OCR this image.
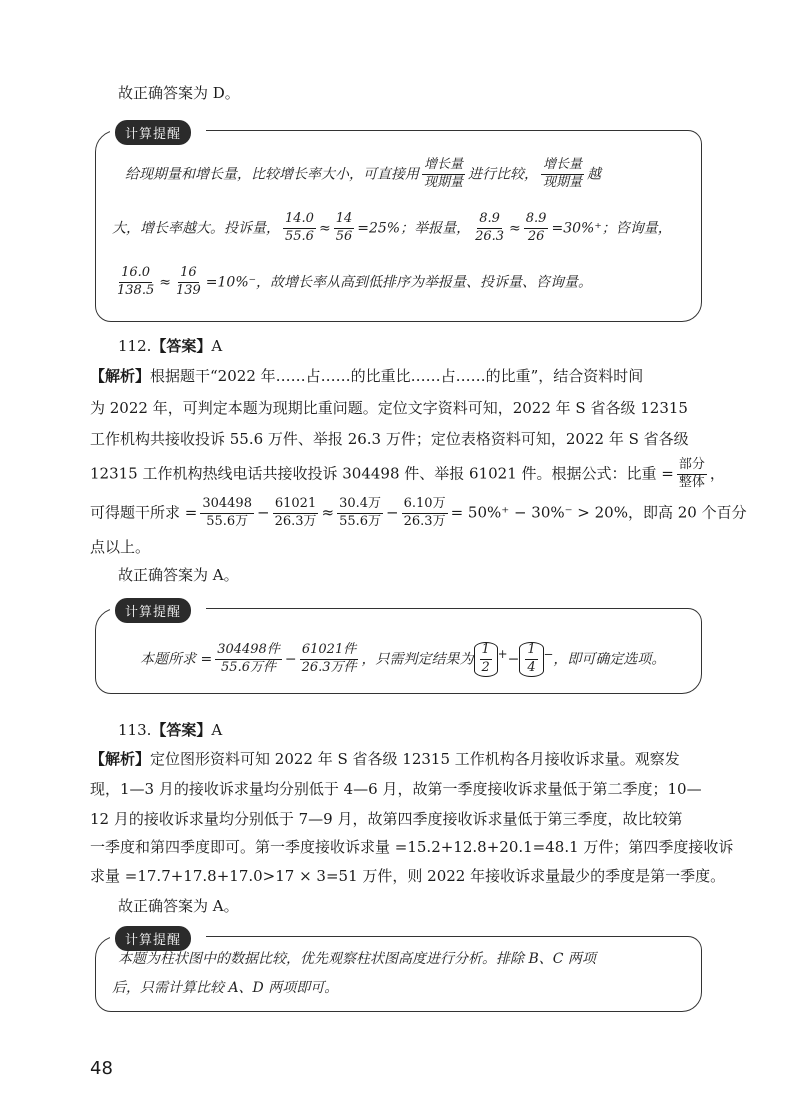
故正确答案为 D。
计算提醒
给现期量和增长量，比较增长率大小，可直接用 $\frac{\text{增长量}}{\text{现期量}}$ 进行比较， $\frac{\text{增长量}}{\text{现期量}}$ 越
大，增长率越大。投诉量， $\frac{14.0}{55.6} \approx \frac{14}{56} =25\%$；举报量， $\frac{8.9}{26.3} \approx \frac{8.9}{26} =30\%^+$；咨询量，
$\frac{16.0}{138.5} \approx \frac{16}{139} =10\%^-$，故增长率从高到低排序为举报量、投诉量、咨询量。
112.【答案】A
【解析】根据题干“2022 年……占……的比重比……占……的比重”，结合资料时间
为 2022 年，可判定本题为现期比重问题。定位文字资料可知，2022 年 S 省各级 12315
工作机构共接收投诉 55.6 万件、举报 26.3 万件；定位表格资料可知，2022 年 S 省各级
12315 工作机构热线电话共接收投诉 304498 件、举报 61021 件。根据公式：比重 = $\frac{\text{部分}}{\text{整体}}$ ，
可得题干所求 = $\frac{304498}{\text{55.6万}} - \frac{61021}{\text{26.3万}} \approx \frac{\text{30.4万}}{\text{55.6万}} - \frac{\text{6.10万}}{\text{26.3万}} = 50\%^+ - 30\%^- > 20\%$，即高 20 个百分
点以上。
故正确答案为 A。
计算提醒
本题所求 = $\frac{\text{304498件}}{\text{55.6万件}} - \frac{\text{61021件}}{\text{26.3万件}}$ ，只需判定结果为 $\frac{1}{2} ^+- \frac{1}{4} ^-$，即可确定选项。
113.【答案】A
【解析】定位图形资料可知 2022 年 S 省各级 12315 工作机构各月接收诉求量。观察发
现，1—3 月的接收诉求量均分别低于 4—6 月，故第一季度接收诉求量低于第二季度；10—
12 月的接收诉求量均分别低于 7—9 月，故第四季度接收诉求量低于第三季度，故比较第
一季度和第四季度即可。第一季度接收诉求量 =15.2+12.8+20.1=48.1 万件；第四季度接收诉
求量 =17.7+17.8+17.0>17 × 3=51 万件，则 2022 年接收诉求量最少的季度是第一季度。
故正确答案为 A。
计算提醒
本题为柱状图中的数据比较，优先观察柱状图高度进行分析。排除 B、C 两项
后，只需计算比较 A、D 两项即可。
48
